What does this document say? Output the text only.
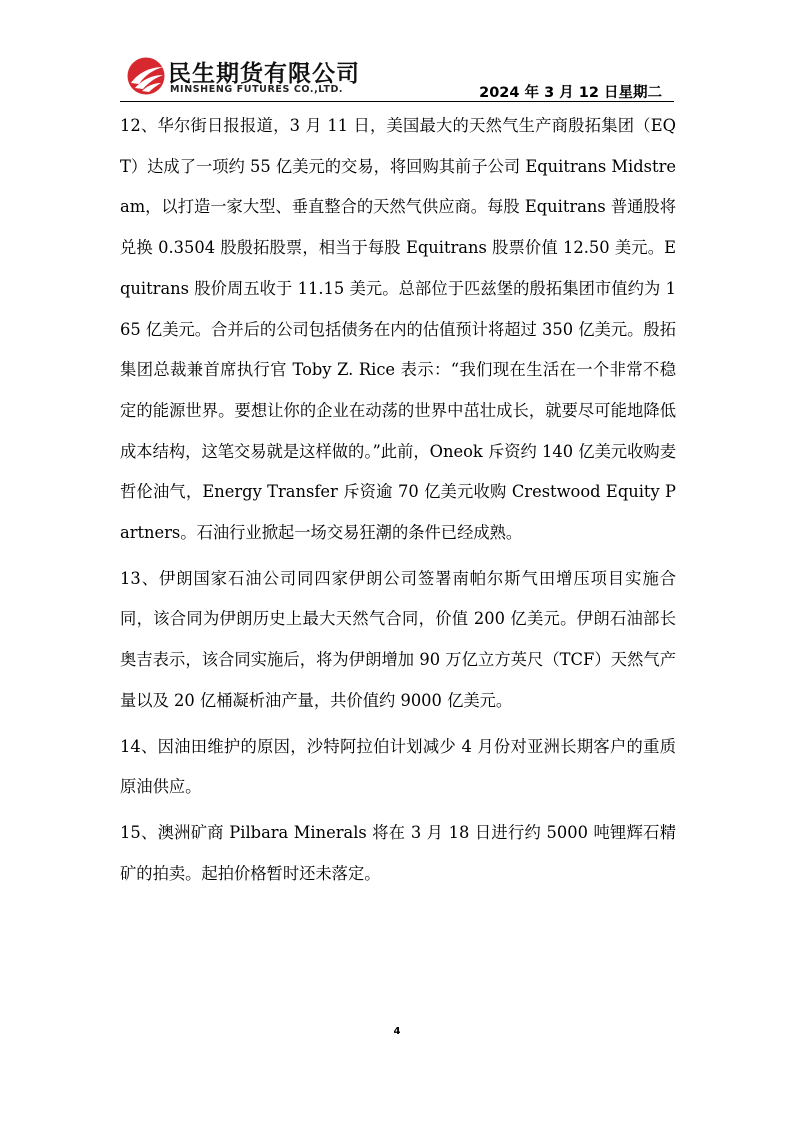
民生期货有限公司
MINSHENG FUTURES CO.,LTD.	2024 年 3 月 12 日星期二

12、华尔街日报报道，3 月 11 日，美国最大的天然气生产商殷拓集团（EQT）达成了一项约 55 亿美元的交易，将回购其前子公司 Equitrans Midstream，以打造一家大型、垂直整合的天然气供应商。每股 Equitrans 普通股将兑换 0.3504 股殷拓股票，相当于每股 Equitrans 股票价值 12.50 美元。Equitrans 股价周五收于 11.15 美元。总部位于匹兹堡的殷拓集团市值约为 165 亿美元。合并后的公司包括债务在内的估值预计将超过 350 亿美元。殷拓集团总裁兼首席执行官 Toby Z. Rice 表示：“我们现在生活在一个非常不稳定的能源世界。要想让你的企业在动荡的世界中茁壮成长，就要尽可能地降低成本结构，这笔交易就是这样做的。”此前，Oneok 斥资约 140 亿美元收购麦哲伦油气，Energy Transfer 斥资逾 70 亿美元收购 Crestwood Equity Partners。石油行业掀起一场交易狂潮的条件已经成熟。

13、伊朗国家石油公司同四家伊朗公司签署南帕尔斯气田增压项目实施合同，该合同为伊朗历史上最大天然气合同，价值 200 亿美元。伊朗石油部长奥吉表示，该合同实施后，将为伊朗增加 90 万亿立方英尺（TCF）天然气产量以及 20 亿桶凝析油产量，共价值约 9000 亿美元。

14、因油田维护的原因，沙特阿拉伯计划减少 4 月份对亚洲长期客户的重质原油供应。

15、澳洲矿商 Pilbara Minerals 将在 3 月 18 日进行约 5000 吨锂辉石精矿的拍卖。起拍价格暂时还未落定。

4
